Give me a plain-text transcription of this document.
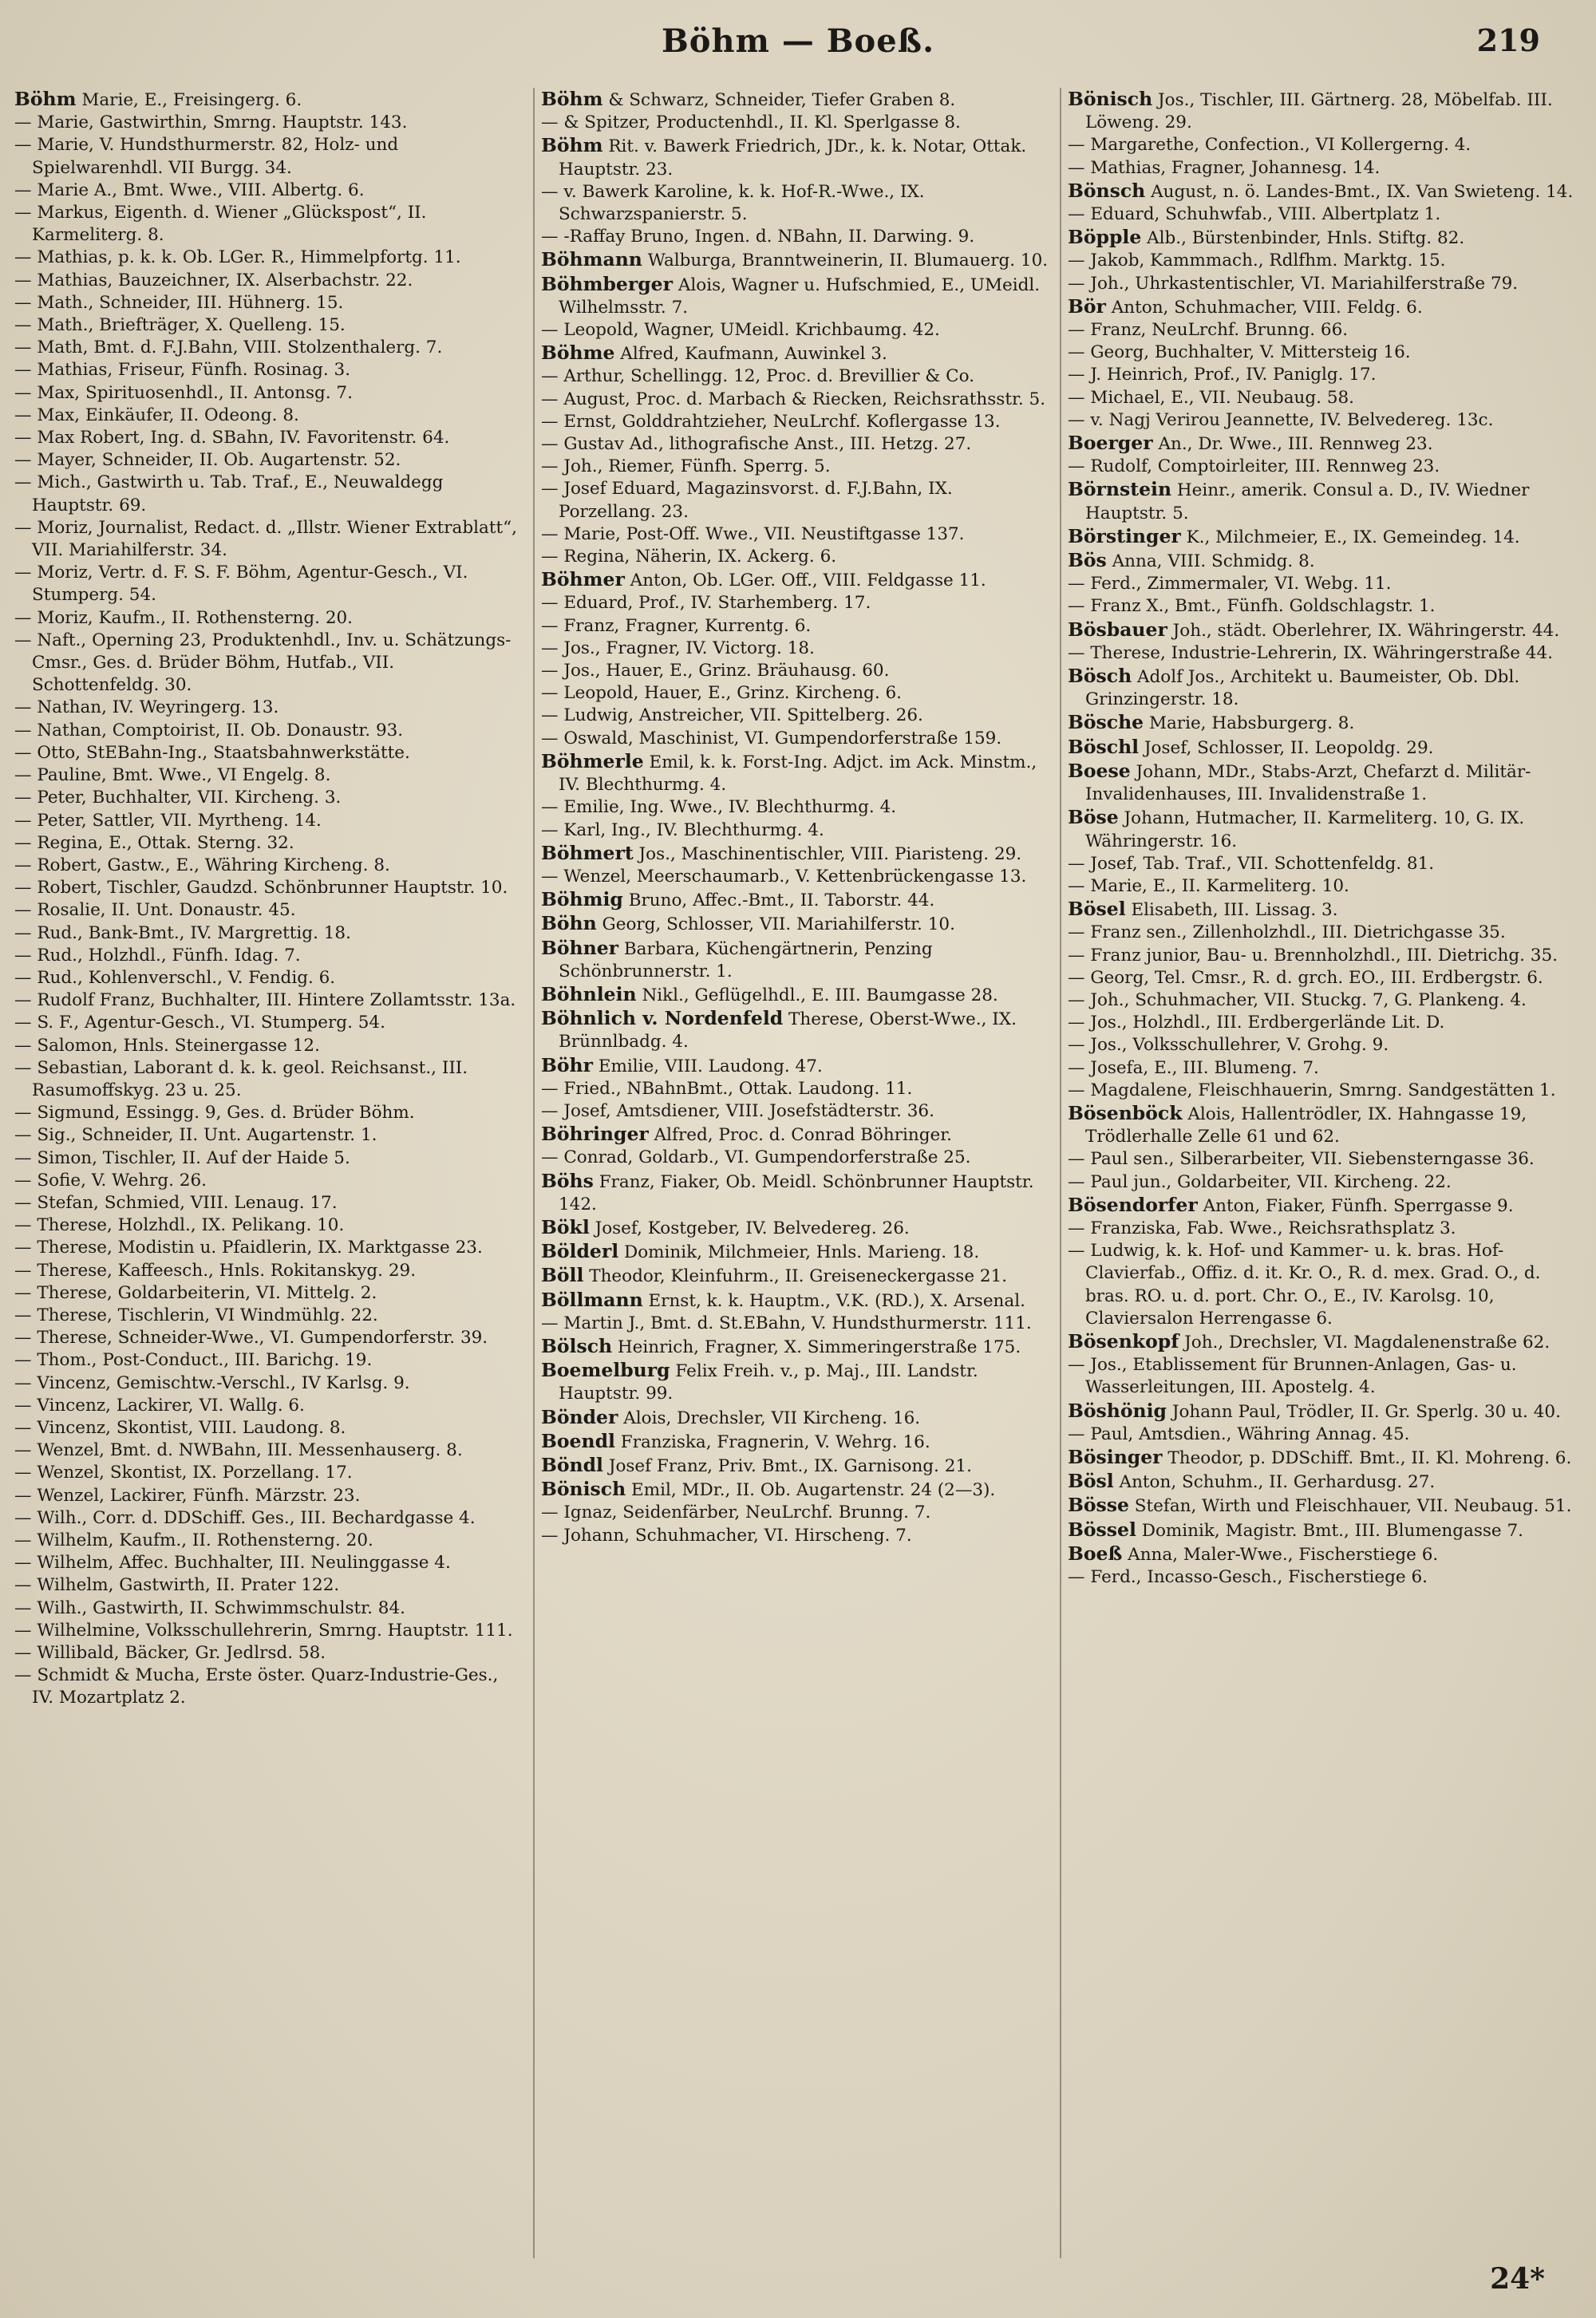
Böhm — Boeß.	219
Böhm Marie, E., Freisingerg. 6.
— Marie, Gastwirthin, Smrng. Hauptstr. 143.
— Marie, V. Hundsthurmerstr. 82, Holz- und Spielwarenhdl. VII Burgg. 34.
— Marie A., Bmt. Wwe., VIII. Albertg. 6.
— Markus, Eigenth. d. Wiener „Glückspost“, II. Karmeliterg. 8.
— Mathias, p. k. k. Ob. LGer. R., Himmelpfortg. 11.
— Mathias, Bauzeichner, IX. Alserbachstr. 22.
— Math., Schneider, III. Hühnerg. 15.
— Math., Briefträger, X. Quelleng. 15.
— Math, Bmt. d. F.J.Bahn, VIII. Stolzenthalerg. 7.
— Mathias, Friseur, Fünfh. Rosinag. 3.
— Max, Spirituosenhdl., II. Antonsg. 7.
— Max, Einkäufer, II. Odeong. 8.
— Max Robert, Ing. d. SBahn, IV. Favoritenstr. 64.
— Mayer, Schneider, II. Ob. Augartenstr. 52.
— Mich., Gastwirth u. Tab. Traf., E., Neuwaldegg Hauptstr. 69.
— Moriz, Journalist, Redact. d. „Illstr. Wiener Extrablatt“, VII. Mariahilferstr. 34.
— Moriz, Vertr. d. F. S. F. Böhm, Agentur-Gesch., VI. Stumperg. 54.
— Moriz, Kaufm., II. Rothensterng. 20.
— Naft., Operning 23, Produktenhdl., Inv. u. Schätzungs-Cmsr., Ges. d. Brüder Böhm, Hutfab., VII. Schottenfeldg. 30.
— Nathan, IV. Weyringerg. 13.
— Nathan, Comptoirist, II. Ob. Donaustr. 93.
— Otto, StEBahn-Ing., Staatsbahnwerkstätte.
— Pauline, Bmt. Wwe., VI Engelg. 8.
— Peter, Buchhalter, VII. Kircheng. 3.
— Peter, Sattler, VII. Myrtheng. 14.
— Regina, E., Ottak. Sterng. 32.
— Robert, Gastw., E., Währing Kircheng. 8.
— Robert, Tischler, Gaudzd. Schönbrunner Hauptstr. 10.
— Rosalie, II. Unt. Donaustr. 45.
— Rud., Bank-Bmt., IV. Margrettig. 18.
— Rud., Holzhdl., Fünfh. Idag. 7.
— Rud., Kohlenverschl., V. Fendig. 6.
— Rudolf Franz, Buchhalter, III. Hintere Zollamtsstr. 13a.
— S. F., Agentur-Gesch., VI. Stumperg. 54.
— Salomon, Hnls. Steinergasse 12.
— Sebastian, Laborant d. k. k. geol. Reichsanst., III. Rasumoffskyg. 23 u. 25.
— Sigmund, Essingg. 9, Ges. d. Brüder Böhm.
— Sig., Schneider, II. Unt. Augartenstr. 1.
— Simon, Tischler, II. Auf der Haide 5.
— Sofie, V. Wehrg. 26.
— Stefan, Schmied, VIII. Lenaug. 17.
— Therese, Holzhdl., IX. Pelikang. 10.
— Therese, Modistin u. Pfaidlerin, IX. Marktgasse 23.
— Therese, Kaffeesch., Hnls. Rokitanskyg. 29.
— Therese, Goldarbeiterin, VI. Mittelg. 2.
— Therese, Tischlerin, VI Windmühlg. 22.
— Therese, Schneider-Wwe., VI. Gumpendorferstr. 39.
— Thom., Post-Conduct., III. Barichg. 19.
— Vincenz, Gemischtw.-Verschl., IV Karlsg. 9.
— Vincenz, Lackirer, VI. Wallg. 6.
— Vincenz, Skontist, VIII. Laudong. 8.
— Wenzel, Bmt. d. NWBahn, III. Messenhauserg. 8.
— Wenzel, Skontist, IX. Porzellang. 17.
— Wenzel, Lackirer, Fünfh. Märzstr. 23.
— Wilh., Corr. d. DDSchiff. Ges., III. Bechardgasse 4.
— Wilhelm, Kaufm., II. Rothensterng. 20.
— Wilhelm, Affec. Buchhalter, III. Neulinggasse 4.
— Wilhelm, Gastwirth, II. Prater 122.
— Wilh., Gastwirth, II. Schwimmschulstr. 84.
— Wilhelmine, Volksschullehrerin, Smrng. Hauptstr. 111.
— Willibald, Bäcker, Gr. Jedlrsd. 58.
— Schmidt & Mucha, Erste öster. Quarz-Industrie-Ges., IV. Mozartplatz 2.
Böhm & Schwarz, Schneider, Tiefer Graben 8.
— & Spitzer, Productenhdl., II. Kl. Sperlgasse 8.
Böhm Rit. v. Bawerk Friedrich, JDr., k. k. Notar, Ottak. Hauptstr. 23.
— v. Bawerk Karoline, k. k. Hof-R.-Wwe., IX. Schwarzspanierstr. 5.
— -Raffay Bruno, Ingen. d. NBahn, II. Darwing. 9.
Böhmann Walburga, Branntweinerin, II. Blumauerg. 10.
Böhmberger Alois, Wagner u. Hufschmied, E., UMeidl. Wilhelmsstr. 7.
— Leopold, Wagner, UMeidl. Krichbaumg. 42.
Böhme Alfred, Kaufmann, Auwinkel 3.
— Arthur, Schellingg. 12, Proc. d. Brevillier & Co.
— August, Proc. d. Marbach & Riecken, Reichsrathsstr. 5.
— Ernst, Golddrahtzieher, NeuLrchf. Koflergasse 13.
— Gustav Ad., lithografische Anst., III. Hetzg. 27.
— Joh., Riemer, Fünfh. Sperrg. 5.
— Josef Eduard, Magazinsvorst. d. F.J.Bahn, IX. Porzellang. 23.
— Marie, Post-Off. Wwe., VII. Neustiftgasse 137.
— Regina, Näherin, IX. Ackerg. 6.
Böhmer Anton, Ob. LGer. Off., VIII. Feldgasse 11.
— Eduard, Prof., IV. Starhemberg. 17.
— Franz, Fragner, Kurrentg. 6.
— Jos., Fragner, IV. Victorg. 18.
— Jos., Hauer, E., Grinz. Bräuhausg. 60.
— Leopold, Hauer, E., Grinz. Kircheng. 6.
— Ludwig, Anstreicher, VII. Spittelberg. 26.
— Oswald, Maschinist, VI. Gumpendorferstraße 159.
Böhmerle Emil, k. k. Forst-Ing. Adjct. im Ack. Minstm., IV. Blechthurmg. 4.
— Emilie, Ing. Wwe., IV. Blechthurmg. 4.
— Karl, Ing., IV. Blechthurmg. 4.
Böhmert Jos., Maschinentischler, VIII. Piaristeng. 29.
— Wenzel, Meerschaumarb., V. Kettenbrückengasse 13.
Böhmig Bruno, Affec.-Bmt., II. Taborstr. 44.
Böhn Georg, Schlosser, VII. Mariahilferstr. 10.
Böhner Barbara, Küchengärtnerin, Penzing Schönbrunnerstr. 1.
Böhnlein Nikl., Geflügelhdl., E. III. Baumgasse 28.
Böhnlich v. Nordenfeld Therese, Oberst-Wwe., IX. Brünnlbadg. 4.
Böhr Emilie, VIII. Laudong. 47.
— Fried., NBahnBmt., Ottak. Laudong. 11.
— Josef, Amtsdiener, VIII. Josefstädterstr. 36.
Böhringer Alfred, Proc. d. Conrad Böhringer.
— Conrad, Goldarb., VI. Gumpendorferstraße 25.
Böhs Franz, Fiaker, Ob. Meidl. Schönbrunner Hauptstr. 142.
Bökl Josef, Kostgeber, IV. Belvedereg. 26.
Bölderl Dominik, Milchmeier, Hnls. Marieng. 18.
Böll Theodor, Kleinfuhrm., II. Greiseneckergasse 21.
Böllmann Ernst, k. k. Hauptm., V.K. (RD.), X. Arsenal.
— Martin J., Bmt. d. St.EBahn, V. Hundsthurmerstr. 111.
Bölsch Heinrich, Fragner, X. Simmeringerstraße 175.
Boemelburg Felix Freih. v., p. Maj., III. Landstr. Hauptstr. 99.
Bönder Alois, Drechsler, VII Kircheng. 16.
Boendl Franziska, Fragnerin, V. Wehrg. 16.
Böndl Josef Franz, Priv. Bmt., IX. Garnisong. 21.
Bönisch Emil, MDr., II. Ob. Augartenstr. 24 (2—3).
— Ignaz, Seidenfärber, NeuLrchf. Brunng. 7.
— Johann, Schuhmacher, VI. Hirscheng. 7.
Bönisch Jos., Tischler, III. Gärtnerg. 28, Möbelfab. III. Löweng. 29.
— Margarethe, Confection., VI Kollergerng. 4.
— Mathias, Fragner, Johannesg. 14.
Bönsch August, n. ö. Landes-Bmt., IX. Van Swieteng. 14.
— Eduard, Schuhwfab., VIII. Albertplatz 1.
Böpple Alb., Bürstenbinder, Hnls. Stiftg. 82.
— Jakob, Kammmach., Rdlfhm. Marktg. 15.
— Joh., Uhrkastentischler, VI. Mariahilferstraße 79.
Bör Anton, Schuhmacher, VIII. Feldg. 6.
— Franz, NeuLrchf. Brunng. 66.
— Georg, Buchhalter, V. Mittersteig 16.
— J. Heinrich, Prof., IV. Paniglg. 17.
— Michael, E., VII. Neubaug. 58.
— v. Nagj Verirou Jeannette, IV. Belvedereg. 13c.
Boerger An., Dr. Wwe., III. Rennweg 23.
— Rudolf, Comptoirleiter, III. Rennweg 23.
Börnstein Heinr., amerik. Consul a. D., IV. Wiedner Hauptstr. 5.
Börstinger K., Milchmeier, E., IX. Gemeindeg. 14.
Bös Anna, VIII. Schmidg. 8.
— Ferd., Zimmermaler, VI. Webg. 11.
— Franz X., Bmt., Fünfh. Goldschlagstr. 1.
Bösbauer Joh., städt. Oberlehrer, IX. Währingerstr. 44.
— Therese, Industrie-Lehrerin, IX. Währingerstraße 44.
Bösch Adolf Jos., Architekt u. Baumeister, Ob. Dbl. Grinzingerstr. 18.
Bösche Marie, Habsburgerg. 8.
Böschl Josef, Schlosser, II. Leopoldg. 29.
Boese Johann, MDr., Stabs-Arzt, Chefarzt d. Militär-Invalidenhauses, III. Invalidenstraße 1.
Böse Johann, Hutmacher, II. Karmeliterg. 10, G. IX. Währingerstr. 16.
— Josef, Tab. Traf., VII. Schottenfeldg. 81.
— Marie, E., II. Karmeliterg. 10.
Bösel Elisabeth, III. Lissag. 3.
— Franz sen., Zillenholzhdl., III. Dietrichgasse 35.
— Franz junior, Bau- u. Brennholzhdl., III. Dietrichg. 35.
— Georg, Tel. Cmsr., R. d. grch. EO., III. Erdbergstr. 6.
— Joh., Schuhmacher, VII. Stuckg. 7, G. Plankeng. 4.
— Jos., Holzhdl., III. Erdbergerlände Lit. D.
— Jos., Volksschullehrer, V. Grohg. 9.
— Josefa, E., III. Blumeng. 7.
— Magdalene, Fleischhauerin, Smrng. Sandgestätten 1.
Bösenböck Alois, Hallentrödler, IX. Hahngasse 19, Trödlerhalle Zelle 61 und 62.
— Paul sen., Silberarbeiter, VII. Siebensterngasse 36.
— Paul jun., Goldarbeiter, VII. Kircheng. 22.
Bösendorfer Anton, Fiaker, Fünfh. Sperrgasse 9.
— Franziska, Fab. Wwe., Reichsrathsplatz 3.
— Ludwig, k. k. Hof- und Kammer- u. k. bras. Hof-Clavierfab., Offiz. d. it. Kr. O., R. d. mex. Grad. O., d. bras. RO. u. d. port. Chr. O., E., IV. Karolsg. 10, Claviersalon Herrengasse 6.
Bösenkopf Joh., Drechsler, VI. Magdalenenstraße 62.
— Jos., Etablissement für Brunnen-Anlagen, Gas- u. Wasserleitungen, III. Apostelg. 4.
Böshönig Johann Paul, Trödler, II. Gr. Sperlg. 30 u. 40.
— Paul, Amtsdien., Währing Annag. 45.
Bösinger Theodor, p. DDSchiff. Bmt., II. Kl. Mohreng. 6.
Bösl Anton, Schuhm., II. Gerhardusg. 27.
Bösse Stefan, Wirth und Fleischhauer, VII. Neubaug. 51.
Bössel Dominik, Magistr. Bmt., III. Blumengasse 7.
Boeß Anna, Maler-Wwe., Fischerstiege 6.
— Ferd., Incasso-Gesch., Fischerstiege 6.
24*
